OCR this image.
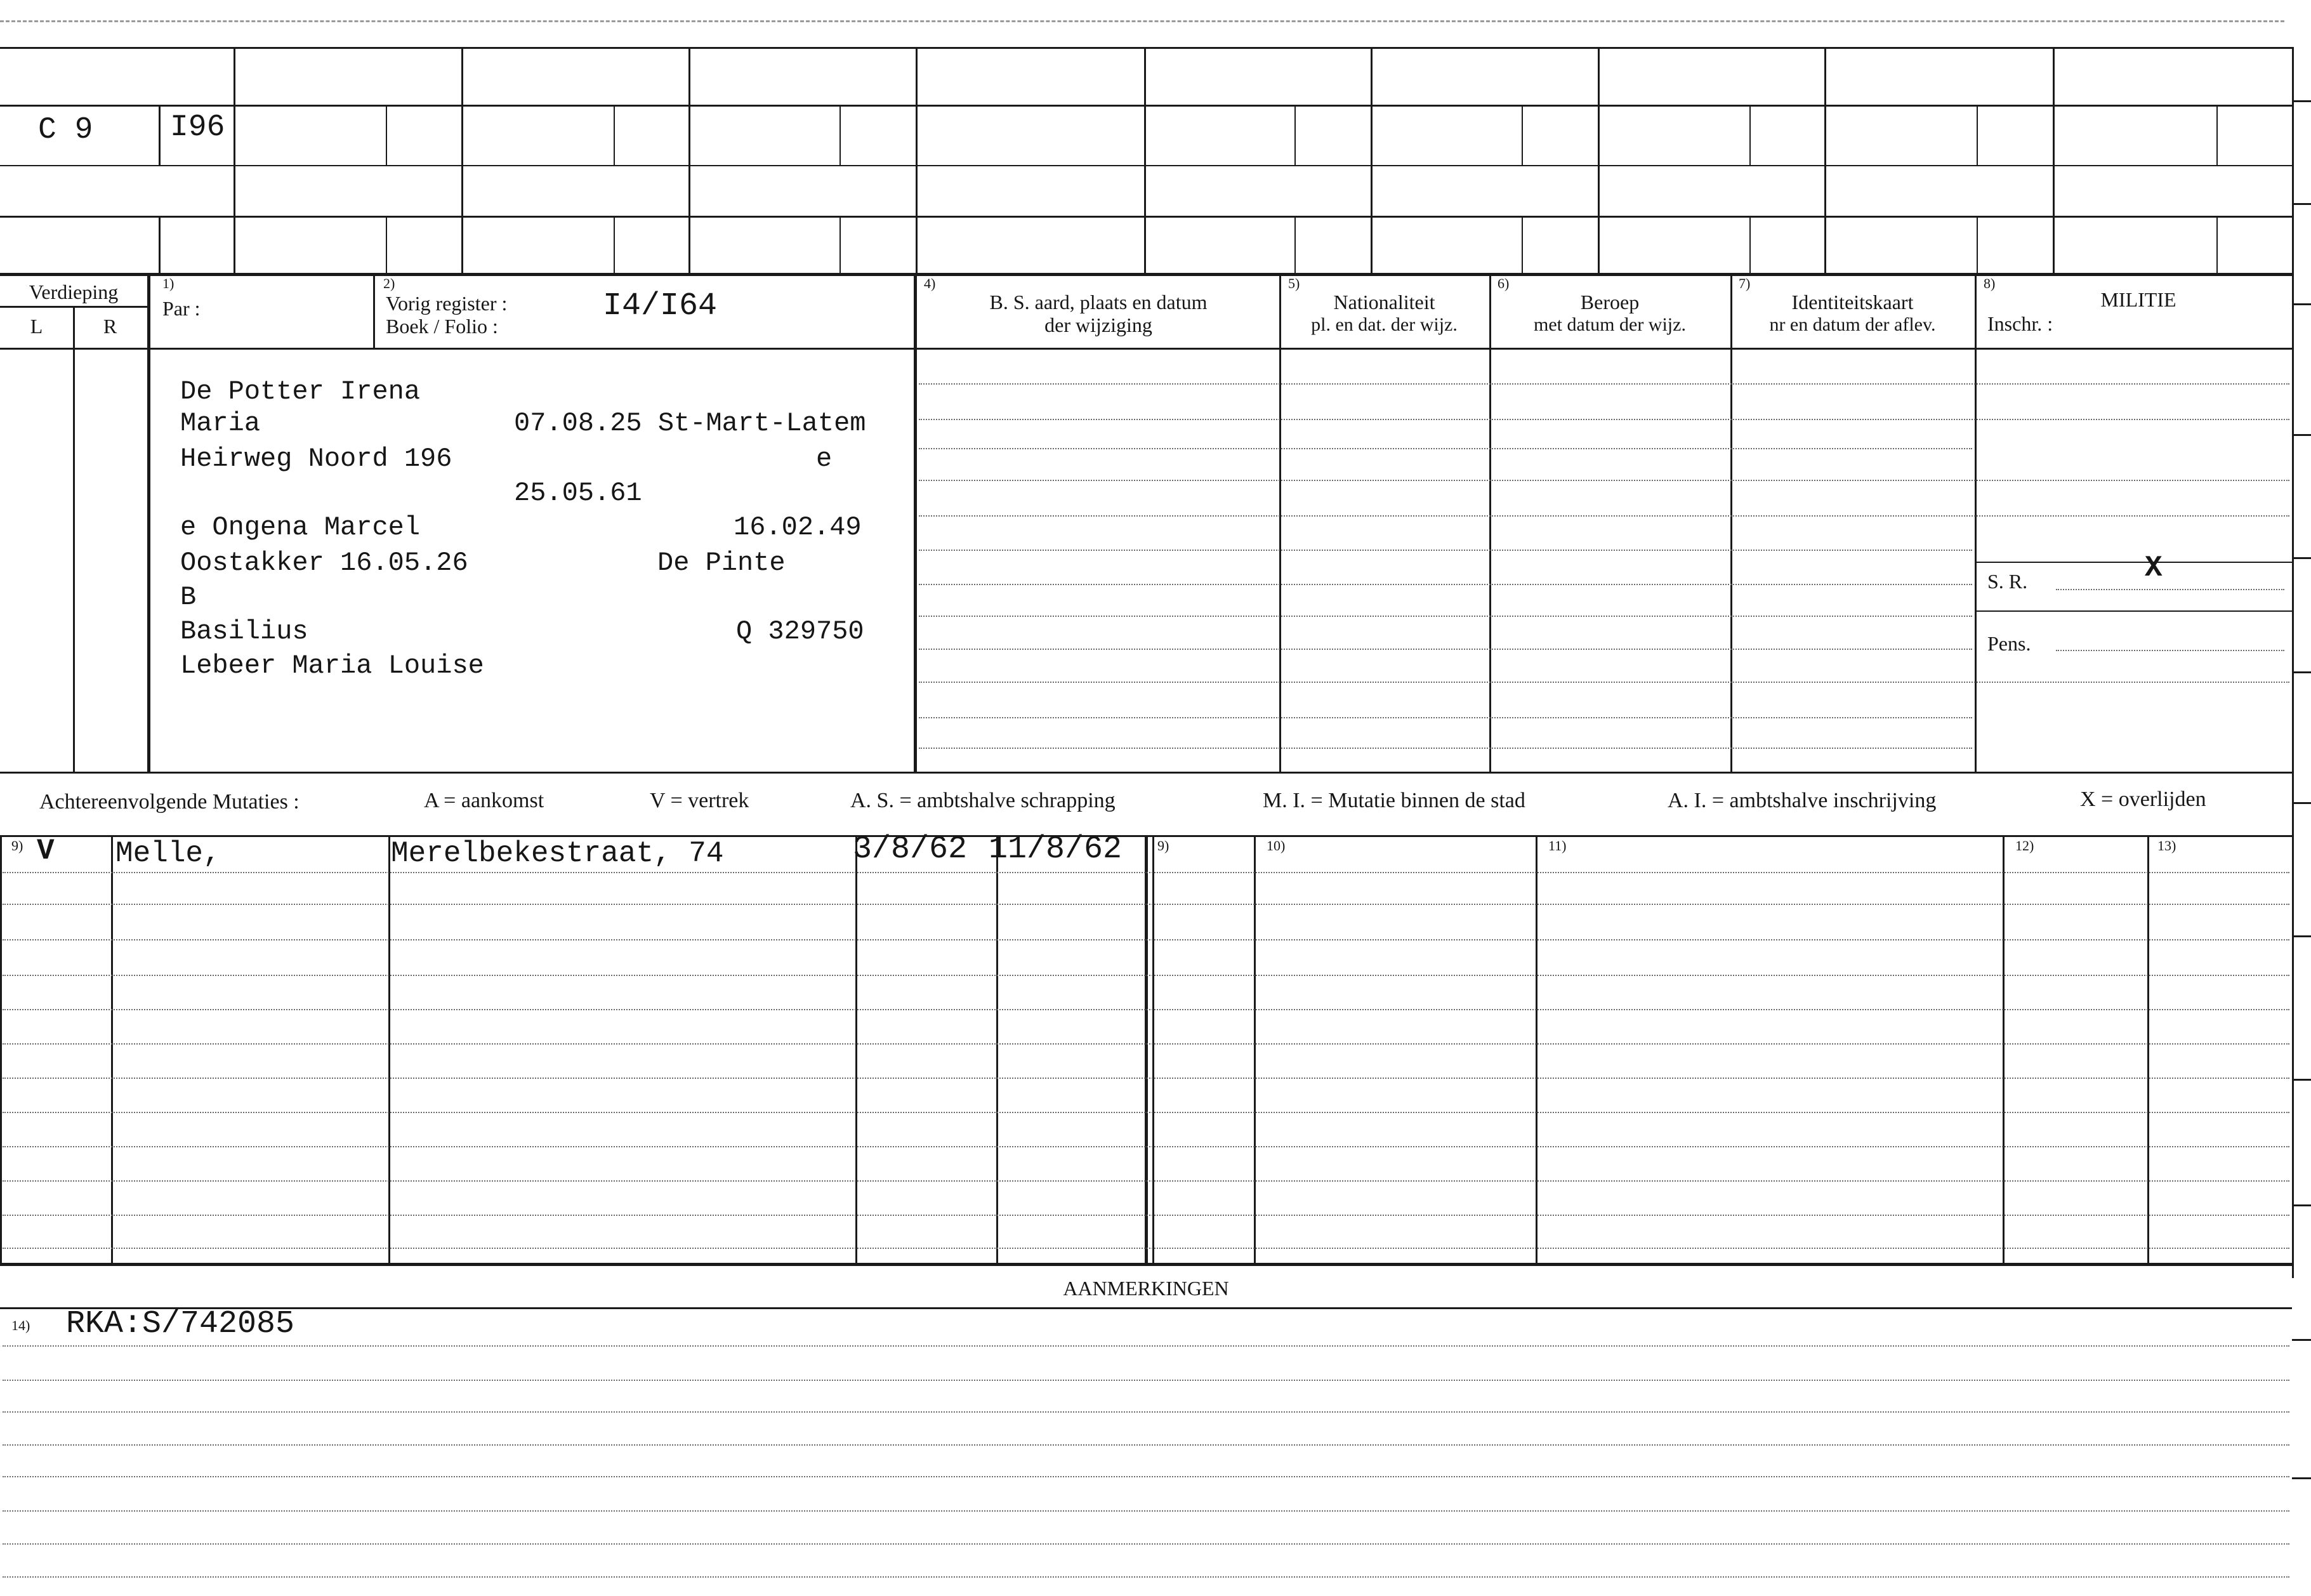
C 9	I96
Verdieping
L	R
1)
Par :
2)
Vorig register :
Boek / Folio :
I4/I64
4)
B. S. aard, plaats en datum
der wijziging
5)
Nationaliteit
pl. en dat. der wijz.
6)
Beroep
met datum der wijz.
7)
Identiteitskaart
nr en datum der aflev.
8)
MILITIE
Inschr. :
S. R.	X
Pens.
De Potter Irena
Maria	07.08.25 St-Mart-Latem
Heirweg Noord 196	e
25.05.61
e Ongena Marcel	16.02.49
Oostakker 16.05.26	De Pinte
B
Basilius	Q 329750
Lebeer Maria Louise
Achtereenvolgende Mutaties :	A = aankomst	V = vertrek	A. S. = ambtshalve schrapping	M. I. = Mutatie binnen de stad	A. I. = ambtshalve inschrijving	X = overlijden
9)	9)	10)	11)	12)	13)
V Melle,	Merelbekestraat, 74	3/8/62 11/8/62
AANMERKINGEN
14) RKA:S/742085
